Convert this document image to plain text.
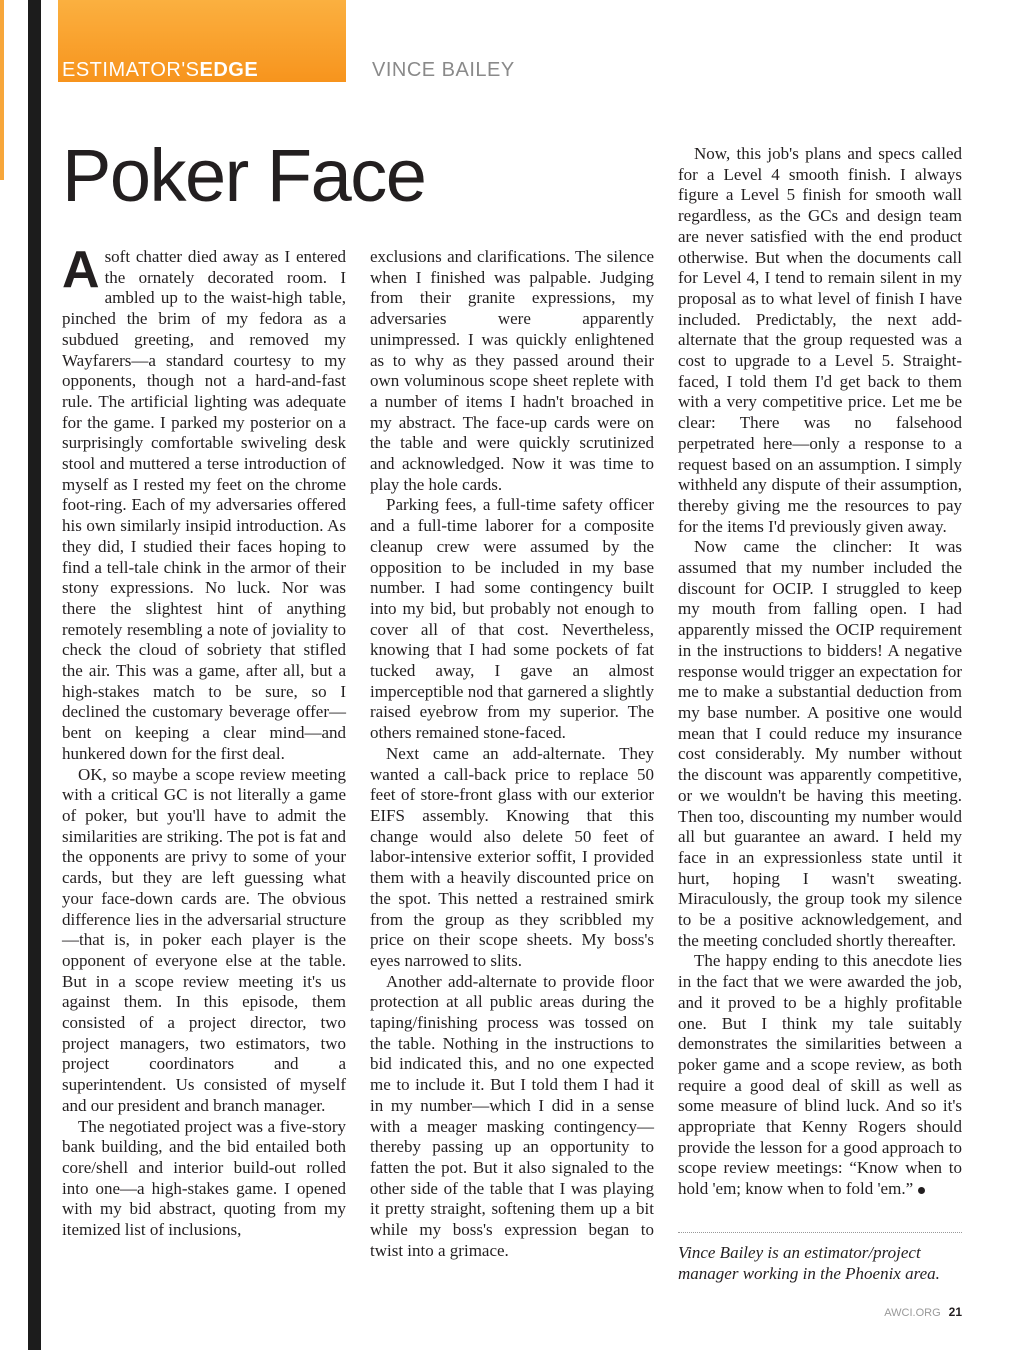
ESTIMATOR'SEDGE	VINCE BAILEY
Poker Face

Asoft chatter died away as I entered the ornately decorated room. I ambled up to the waist-high table, pinched the brim of my fedora as a subdued greeting, and removed my Wayfarers—a standard courtesy to my opponents, though not a hard-and-fast rule. The artificial lighting was adequate for the game. I parked my posterior on a surprisingly comfortable swiveling desk stool and muttered a terse introduction of myself as I rested my feet on the chrome foot-ring. Each of my adversaries offered his own similarly insipid introduction. As they did, I studied their faces hoping to find a tell-tale chink in the armor of their stony expressions. No luck. Nor was there the slightest hint of anything remotely resembling a note of joviality to check the cloud of sobriety that stifled the air. This was a game, after all, but a high-stakes match to be sure, so I declined the customary beverage offer—bent on keeping a clear mind—and hunkered down for the first deal.

OK, so maybe a scope review meeting with a critical GC is not literally a game of poker, but you'll have to admit the similarities are striking. The pot is fat and the opponents are privy to some of your cards, but they are left guessing what your face-down cards are. The obvious difference lies in the adversarial structure—that is, in poker each player is the opponent of everyone else at the table. But in a scope review meeting it's us against them. In this episode, them consisted of a project director, two project managers, two estimators, two project coordinators and a superintendent. Us consisted of myself and our president and branch manager.

The negotiated project was a five-story bank building, and the bid entailed both core/shell and interior build-out rolled into one—a high-stakes game. I opened with my bid abstract, quoting from my itemized list of inclusions,

exclusions and clarifications. The silence when I finished was palpable. Judging from their granite expressions, my adversaries were apparently unimpressed. I was quickly enlightened as to why as they passed around their own voluminous scope sheet replete with a number of items I hadn't broached in my abstract. The face-up cards were on the table and were quickly scrutinized and acknowledged. Now it was time to play the hole cards.

Parking fees, a full-time safety officer and a full-time laborer for a composite cleanup crew were assumed by the opposition to be included in my base number. I had some contingency built into my bid, but probably not enough to cover all of that cost. Nevertheless, knowing that I had some pockets of fat tucked away, I gave an almost imperceptible nod that garnered a slightly raised eyebrow from my superior. The others remained stone-faced.

Next came an add-alternate. They wanted a call-back price to replace 50 feet of store-front glass with our exterior EIFS assembly. Knowing that this change would also delete 50 feet of labor-intensive exterior soffit, I provided them with a heavily discounted price on the spot. This netted a restrained smirk from the group as they scribbled my price on their scope sheets. My boss's eyes narrowed to slits.

Another add-alternate to provide floor protection at all public areas during the taping/finishing process was tossed on the table. Nothing in the instructions to bid indicated this, and no one expected me to include it. But I told them I had it in my number—which I did in a sense with a meager masking contingency—thereby passing up an opportunity to fatten the pot. But it also signaled to the other side of the table that I was playing it pretty straight, softening them up a bit while my boss's expression began to twist into a grimace.

Now, this job's plans and specs called for a Level 4 smooth finish. I always figure a Level 5 finish for smooth wall regardless, as the GCs and design team are never satisfied with the end product otherwise. But when the documents call for Level 4, I tend to remain silent in my proposal as to what level of finish I have included. Predictably, the next add-alternate that the group requested was a cost to upgrade to a Level 5. Straight-faced, I told them I'd get back to them with a very competitive price. Let me be clear: There was no falsehood perpetrated here—only a response to a request based on an assumption. I simply withheld any dispute of their assumption, thereby giving me the resources to pay for the items I'd previously given away.

Now came the clincher: It was assumed that my number included the discount for OCIP. I struggled to keep my mouth from falling open. I had apparently missed the OCIP requirement in the instructions to bidders! A negative response would trigger an expectation for me to make a substantial deduction from my base number. A positive one would mean that I could reduce my insurance cost considerably. My number without the discount was apparently competitive, or we wouldn't be having this meeting. Then too, discounting my number would all but guarantee an award. I held my face in an expressionless state until it hurt, hoping I wasn't sweating. Miraculously, the group took my silence to be a positive acknowledgement, and the meeting concluded shortly thereafter.

The happy ending to this anecdote lies in the fact that we were awarded the job, and it proved to be a highly profitable one. But I think my tale suitably demonstrates the similarities between a poker game and a scope review, as both require a good deal of skill as well as some measure of blind luck. And so it's appropriate that Kenny Rogers should provide the lesson for a good approach to scope review meetings: “Know when to hold 'em; know when to fold 'em.”

Vince Bailey is an estimator/project manager working in the Phoenix area.
AWCI.ORG 21
